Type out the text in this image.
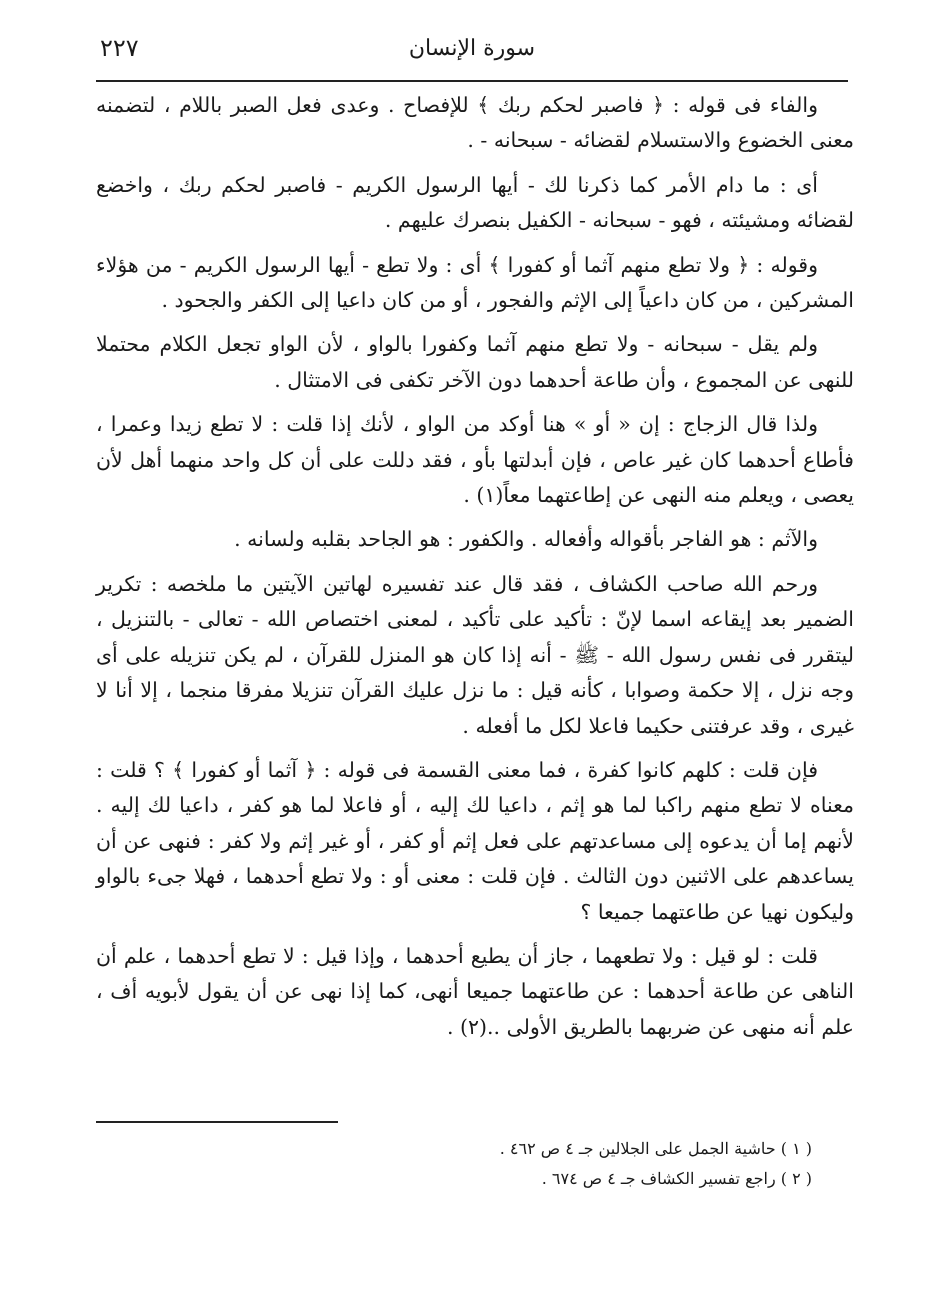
٢٢٧	سورة الإنسان

والفاء فى قوله : ﴿ فاصبر لحكم ربك ﴾ للإفصاح . وعدى فعل الصبر باللام ، لتضمنه معنى الخضوع والاستسلام لقضائه - سبحانه - .

أى : ما دام الأمر كما ذكرنا لك - أيها الرسول الكريم - فاصبر لحكم ربك ، واخضع لقضائه ومشيئته ، فهو - سبحانه - الكفيل بنصرك عليهم .

وقوله : ﴿ ولا تطع منهم آثما أو كفورا ﴾ أى : ولا تطع - أيها الرسول الكريم - من هؤلاء المشركين ، من كان داعياً إلى الإثم والفجور ، أو من كان داعيا إلى الكفر والجحود .

ولم يقل - سبحانه - ولا تطع منهم آثما وكفورا بالواو ، لأن الواو تجعل الكلام محتملا للنهى عن المجموع ، وأن طاعة أحدهما دون الآخر تكفى فى الامتثال .

ولذا قال الزجاج : إن « أو » هنا أوكد من الواو ، لأنك إذا قلت : لا تطع زيدا وعمرا ، فأطاع أحدهما كان غير عاص ، فإن أبدلتها بأو ، فقد دللت على أن كل واحد منهما أهل لأن يعصى ، ويعلم منه النهى عن إطاعتهما معاً(١) .

والآثم : هو الفاجر بأقواله وأفعاله . والكفور : هو الجاحد بقلبه ولسانه .

ورحم الله صاحب الكشاف ، فقد قال عند تفسيره لهاتين الآيتين ما ملخصه : تكرير الضمير بعد إيقاعه اسما لإنّ : تأكيد على تأكيد ، لمعنى اختصاص الله - تعالى - بالتنزيل ، ليتقرر فى نفس رسول الله - ﷺ - أنه إذا كان هو المنزل للقرآن ، لم يكن تنزيله على أى وجه نزل ، إلا حكمة وصوابا ، كأنه قيل : ما نزل عليك القرآن تنزيلا مفرقا منجما ، إلا أنا لا غيرى ، وقد عرفتنى حكيما فاعلا لكل ما أفعله .

فإن قلت : كلهم كانوا كفرة ، فما معنى القسمة فى قوله : ﴿ آثما أو كفورا ﴾ ؟ قلت : معناه لا تطع منهم راكبا لما هو إثم ، داعيا لك إليه ، أو فاعلا لما هو كفر ، داعيا لك إليه . لأنهم إما أن يدعوه إلى مساعدتهم على فعل إثم أو كفر ، أو غير إثم ولا كفر : فنهى عن أن يساعدهم على الاثنين دون الثالث . فإن قلت : معنى أو : ولا تطع أحدهما ، فهلا جىء بالواو وليكون نهيا عن طاعتهما جميعا ؟

قلت : لو قيل : ولا تطعهما ، جاز أن يطيع أحدهما ، وإذا قيل : لا تطع أحدهما ، علم أن الناهى عن طاعة أحدهما : عن طاعتهما جميعا أنهى، كما إذا نهى عن أن يقول لأبويه أف ، علم أنه منهى عن ضربهما بالطريق الأولى ..(٢) .

( ١ ) حاشية الجمل على الجلالين جـ ٤ ص ٤٦٢ .
( ٢ ) راجع تفسير الكشاف جـ ٤ ص ٦٧٤ .
